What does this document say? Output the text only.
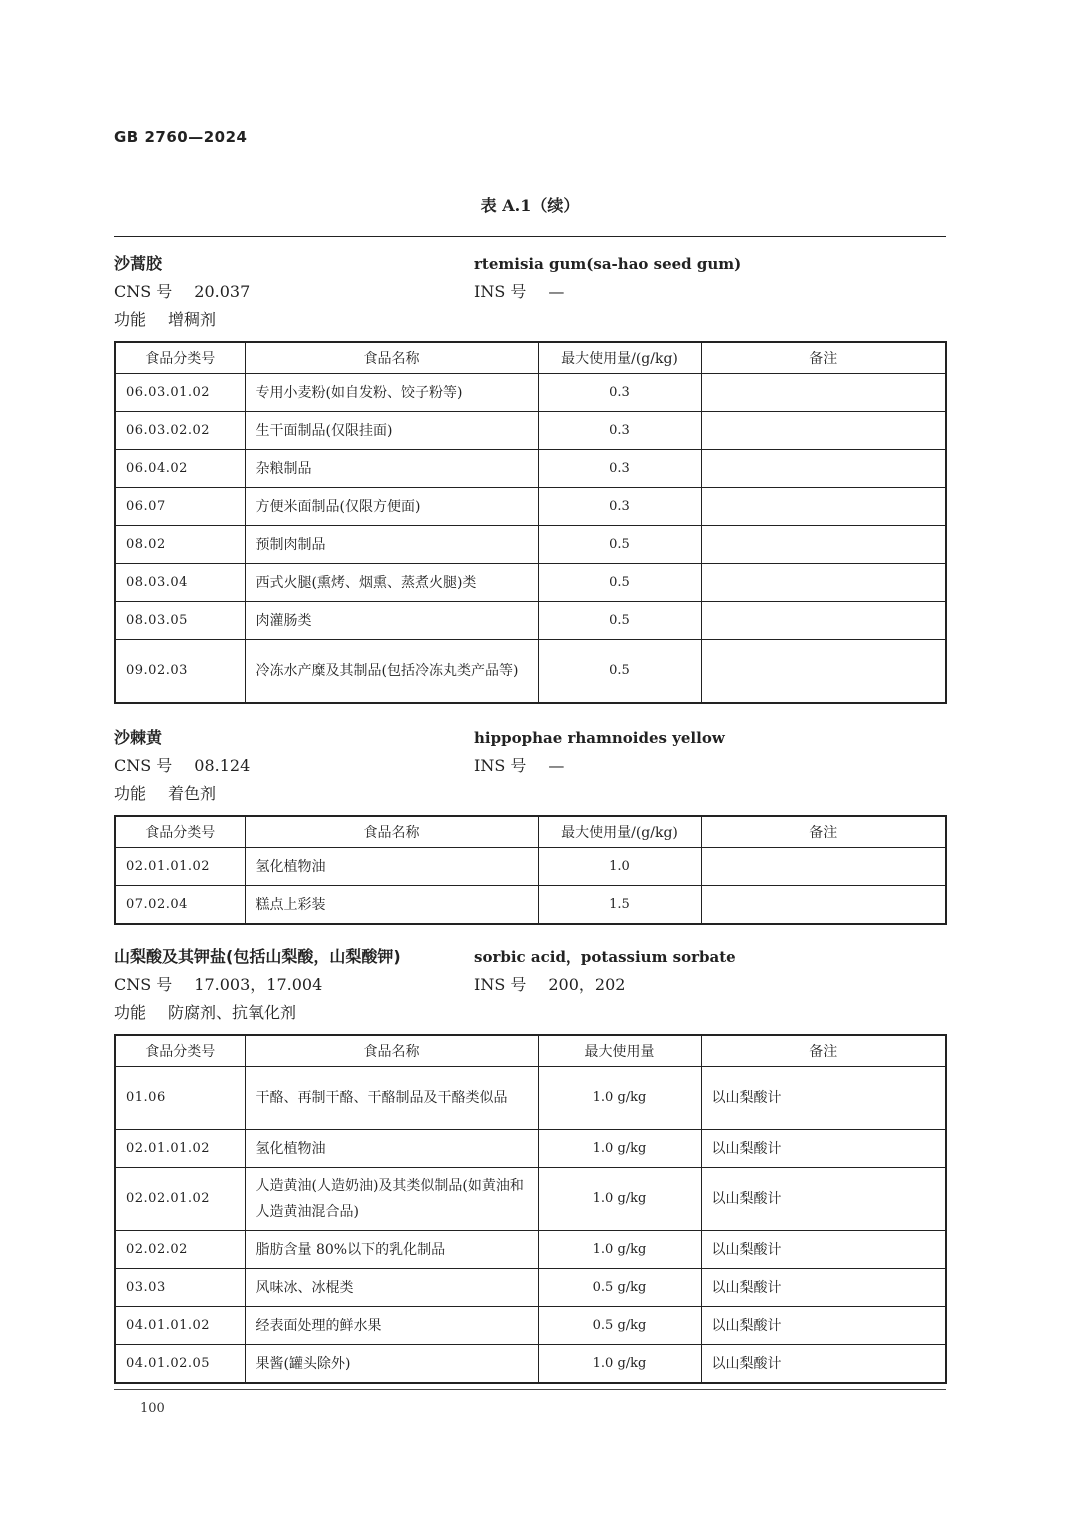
GB 2760—2024
表 A.1（续）
沙蒿胶	rtemisia gum(sa-hao seed gum)
CNS 号 20.037	INS 号 —
功能 增稠剂
食品分类号	食品名称	最大使用量/(g/kg)	备注
06.03.01.02	专用小麦粉(如自发粉、饺子粉等)	0.3	
06.03.02.02	生干面制品(仅限挂面)	0.3	
06.04.02	杂粮制品	0.3	
06.07	方便米面制品(仅限方便面)	0.3	
08.02	预制肉制品	0.5	
08.03.04	西式火腿(熏烤、烟熏、蒸煮火腿)类	0.5	
08.03.05	肉灌肠类	0.5	
09.02.03	冷冻水产糜及其制品(包括冷冻丸类产品等)	0.5	
沙棘黄	hippophae rhamnoides yellow
CNS 号 08.124	INS 号 —
功能 着色剂
食品分类号	食品名称	最大使用量/(g/kg)	备注
02.01.01.02	氢化植物油	1.0	
07.02.04	糕点上彩装	1.5	
山梨酸及其钾盐(包括山梨酸，山梨酸钾)	sorbic acid，potassium sorbate
CNS 号 17.003，17.004	INS 号 200，202
功能 防腐剂、抗氧化剂
食品分类号	食品名称	最大使用量	备注
01.06	干酪、再制干酪、干酪制品及干酪类似品	1.0 g/kg	以山梨酸计
02.01.01.02	氢化植物油	1.0 g/kg	以山梨酸计
02.02.01.02	人造黄油(人造奶油)及其类似制品(如黄油和人造黄油混合品)	1.0 g/kg	以山梨酸计
02.02.02	脂肪含量 80%以下的乳化制品	1.0 g/kg	以山梨酸计
03.03	风味冰、冰棍类	0.5 g/kg	以山梨酸计
04.01.01.02	经表面处理的鲜水果	0.5 g/kg	以山梨酸计
04.01.02.05	果酱(罐头除外)	1.0 g/kg	以山梨酸计
100
